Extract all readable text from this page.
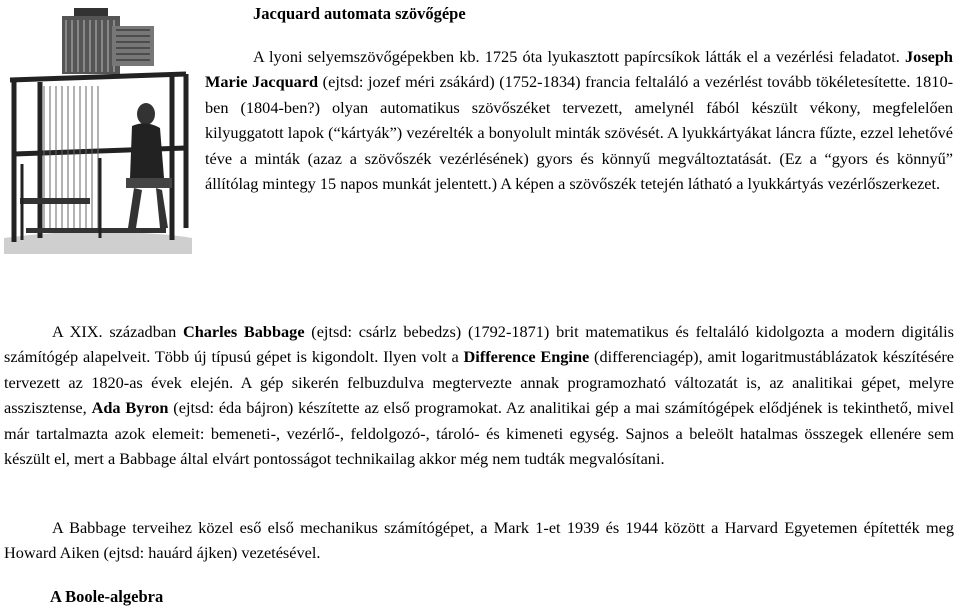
Jacquard automata szövőgépe

A lyoni selyemszövőgépekben kb. 1725 óta lyukasztott papírcsíkok látták el a vezérlési feladatot. Joseph Marie Jacquard (ejtsd: jozef méri zsákárd) (1752-1834) francia feltaláló a vezérlést tovább tökéletesítette. 1810-ben (1804-ben?) olyan automatikus szövőszéket tervezett, amelynél fából készült vékony, megfelelően kilyuggatott lapok (“kártyák”) vezérelték a bonyolult minták szövését. A lyukkártyákat láncra fűzte, ezzel lehetővé téve a minták (azaz a szövőszék vezérlésének) gyors és könnyű megváltoztatását. (Ez a “gyors és könnyű” állítólag mintegy 15 napos munkát jelentett.) A képen a szövőszék tetején látható a lyukkártyás vezérlőszerkezet.

A XIX. században Charles Babbage (ejtsd: csárlz bebedzs) (1792-1871) brit matematikus és feltaláló kidolgozta a modern digitális számítógép alapelveit. Több új típusú gépet is kigondolt. Ilyen volt a Difference Engine (differenciagép), amit logaritmustáblázatok készítésére tervezett az 1820-as évek elején. A gép sikerén felbuzdulva megtervezte annak programozható változatát is, az analitikai gépet, melyre asszisztense, Ada Byron (ejtsd: éda bájron) készítette az első programokat. Az analitikai gép a mai számítógépek elődjének is tekinthető, mivel már tartalmazta azok elemeit: bemeneti-, vezérlő-, feldolgozó-, tároló- és kimeneti egység. Sajnos a beleölt hatalmas összegek ellenére sem készült el, mert a Babbage által elvárt pontosságot technikailag akkor még nem tudták megvalósítani.

A Babbage terveihez közel eső első mechanikus számítógépet, a Mark 1-et 1939 és 1944 között a Harvard Egyetemen építették meg Howard Aiken (ejtsd: hauárd ájken) vezetésével.

A Boole-algebra
